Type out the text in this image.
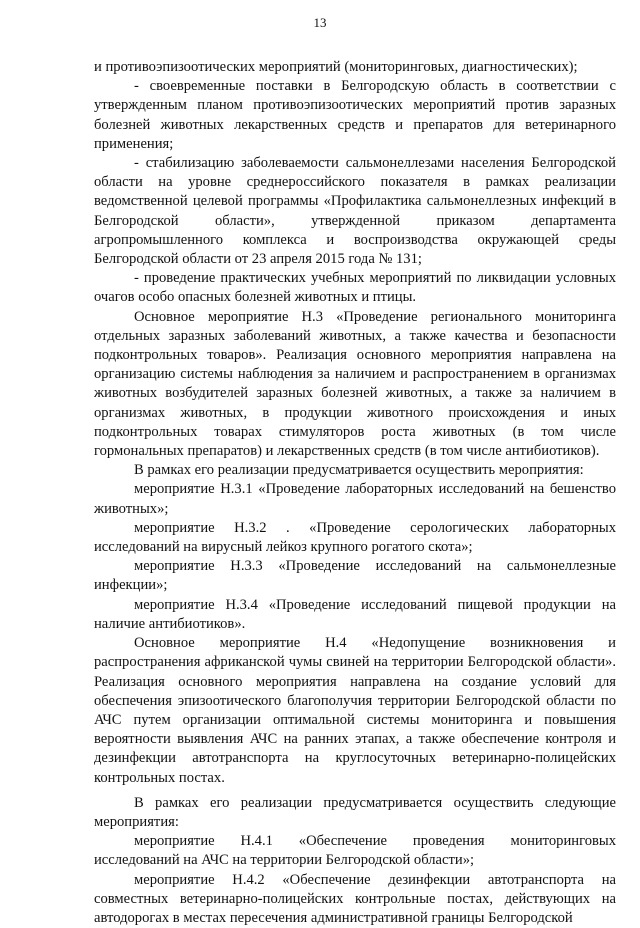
13

и противоэпизоотических мероприятий (мониторинговых, диагностических);

- своевременные поставки в Белгородскую область в соответствии с утвержденным планом противоэпизоотических мероприятий против заразных болезней животных лекарственных средств и препаратов для ветеринарного применения;

- стабилизацию заболеваемости сальмонеллезами населения Белгородской области на уровне среднероссийского показателя в рамках реализации ведомственной целевой программы «Профилактика сальмонеллезных инфекций в Белгородской области», утвержденной приказом департамента агропромышленного комплекса и воспроизводства окружающей среды Белгородской области от 23 апреля 2015 года № 131;

- проведение практических учебных мероприятий по ликвидации условных очагов особо опасных болезней животных и птицы.

Основное мероприятие Н.3 «Проведение регионального мониторинга отдельных заразных заболеваний животных, а также качества и безопасности подконтрольных товаров». Реализация основного мероприятия направлена на организацию системы наблюдения за наличием и распространением в организмах животных возбудителей заразных болезней животных, а также за наличием в организмах животных, в продукции животного происхождения и иных подконтрольных товарах стимуляторов роста животных (в том числе гормональных препаратов) и лекарственных средств (в том числе антибиотиков).

В рамках его реализации предусматривается осуществить мероприятия:

мероприятие Н.3.1 «Проведение лабораторных исследований на бешенство животных»;

мероприятие Н.3.2 . «Проведение серологических лабораторных исследований на вирусный лейкоз крупного рогатого скота»;

мероприятие Н.3.3 «Проведение исследований на сальмонеллезные инфекции»;

мероприятие Н.3.4 «Проведение исследований пищевой продукции на наличие антибиотиков».

Основное мероприятие Н.4 «Недопущение возникновения и распространения африканской чумы свиней на территории Белгородской области». Реализация основного мероприятия направлена на создание условий для обеспечения эпизоотического благополучия территории Белгородской области по АЧС путем организации оптимальной системы мониторинга и повышения вероятности выявления АЧС на ранних этапах, а также обеспечение контроля и дезинфекции автотранспорта на круглосуточных ветеринарно-полицейских контрольных постах.

В рамках его реализации предусматривается осуществить следующие мероприятия:

мероприятие Н.4.1 «Обеспечение проведения мониторинговых исследований на АЧС на территории Белгородской области»;

мероприятие Н.4.2 «Обеспечение дезинфекции автотранспорта на совместных ветеринарно-полицейских контрольные постах, действующих на автодорогах в местах пересечения административной границы Белгородской
